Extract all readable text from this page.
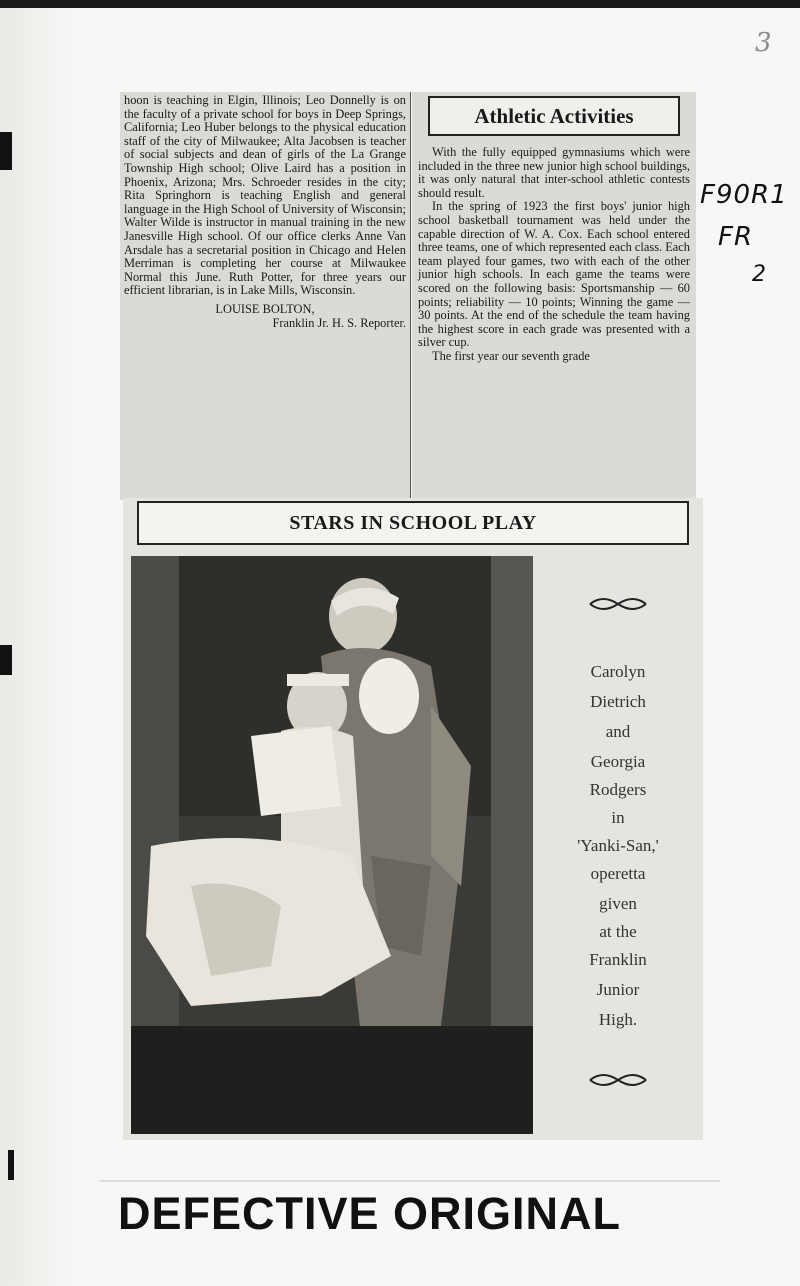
3
F90R1
FR
2

hoon is teaching in Elgin, Illinois; Leo Donnelly is on the faculty of a private school for boys in Deep Springs, California; Leo Huber belongs to the physical education staff of the city of Milwaukee; Alta Jacobsen is teacher of social subjects and dean of girls of the La Grange Township High school; Olive Laird has a position in Phoenix, Arizona; Mrs. Schroeder resides in the city; Rita Springhorn is teaching English and general language in the High School of University of Wisconsin; Walter Wilde is instructor in manual training in the new Janesville High school. Of our office clerks Anne Van Arsdale has a secretarial position in Chicago and Helen Merriman is completing her course at Milwaukee Normal this June. Ruth Potter, for three years our efficient librarian, is in Lake Mills, Wisconsin.

LOUISE BOLTON,
Franklin Jr. H. S. Reporter.
Athletic Activities

With the fully equipped gymnasiums which were included in the three new junior high school buildings, it was only natural that inter-school athletic contests should result.

In the spring of 1923 the first boys' junior high school basketball tournament was held under the capable direction of W. A. Cox. Each school entered three teams, one of which represented each class. Each team played four games, two with each of the other junior high schools. In each game the teams were scored on the following basis: Sportsmanship — 60 points; reliability — 10 points; Winning the game — 30 points. At the end of the schedule the team having the highest score in each grade was presented with a silver cup.

The first year our seventh grade

STARS IN SCHOOL PLAY
Carolyn
Dietrich
and
Georgia
Rodgers
in
'Yanki-San,'
operetta
given
at the
Franklin
Junior
High.
DEFECTIVE ORIGINAL
